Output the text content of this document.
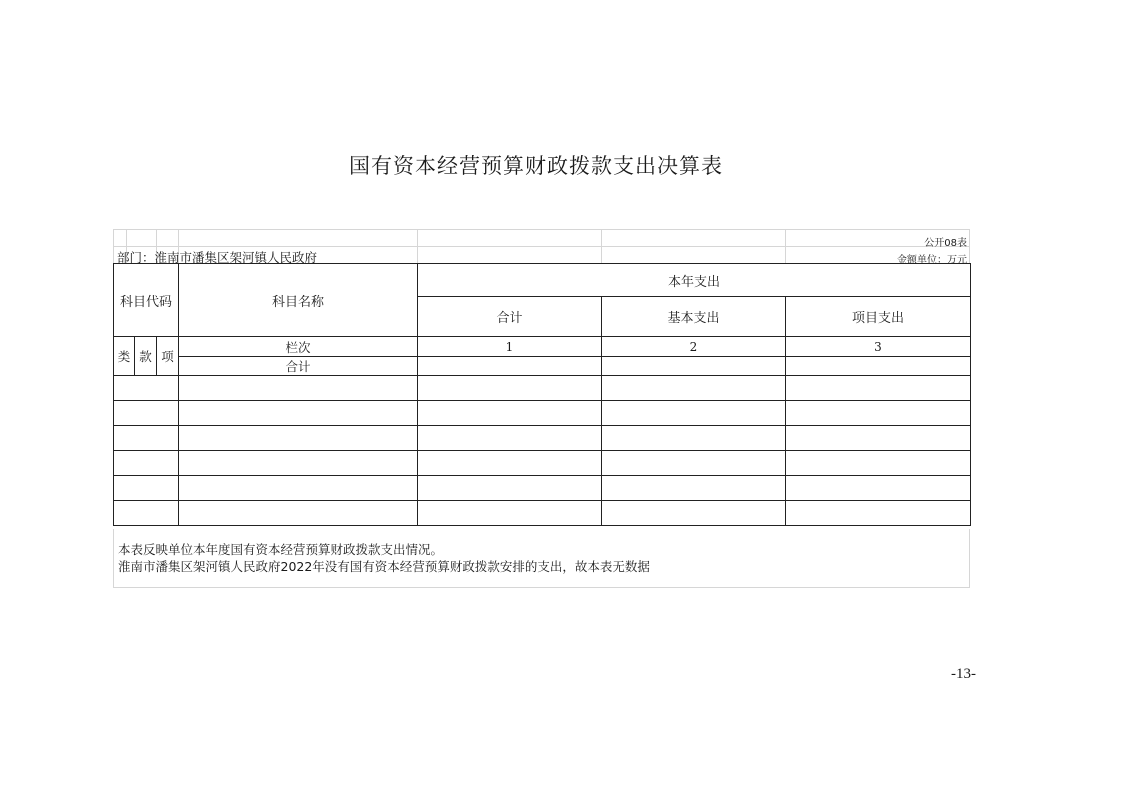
国有资本经营预算财政拨款支出决算表
公开08表
部门：淮南市潘集区架河镇人民政府	金额单位：万元
科目代码			科目名称	本年支出		
				合计	基本支出	项目支出
类	款	项	栏次	1	2	3
			合计			

本表反映单位本年度国有资本经营预算财政拨款支出情况。
淮南市潘集区架河镇人民政府2022年没有国有资本经营预算财政拨款安排的支出，故本表无数据
-13-
